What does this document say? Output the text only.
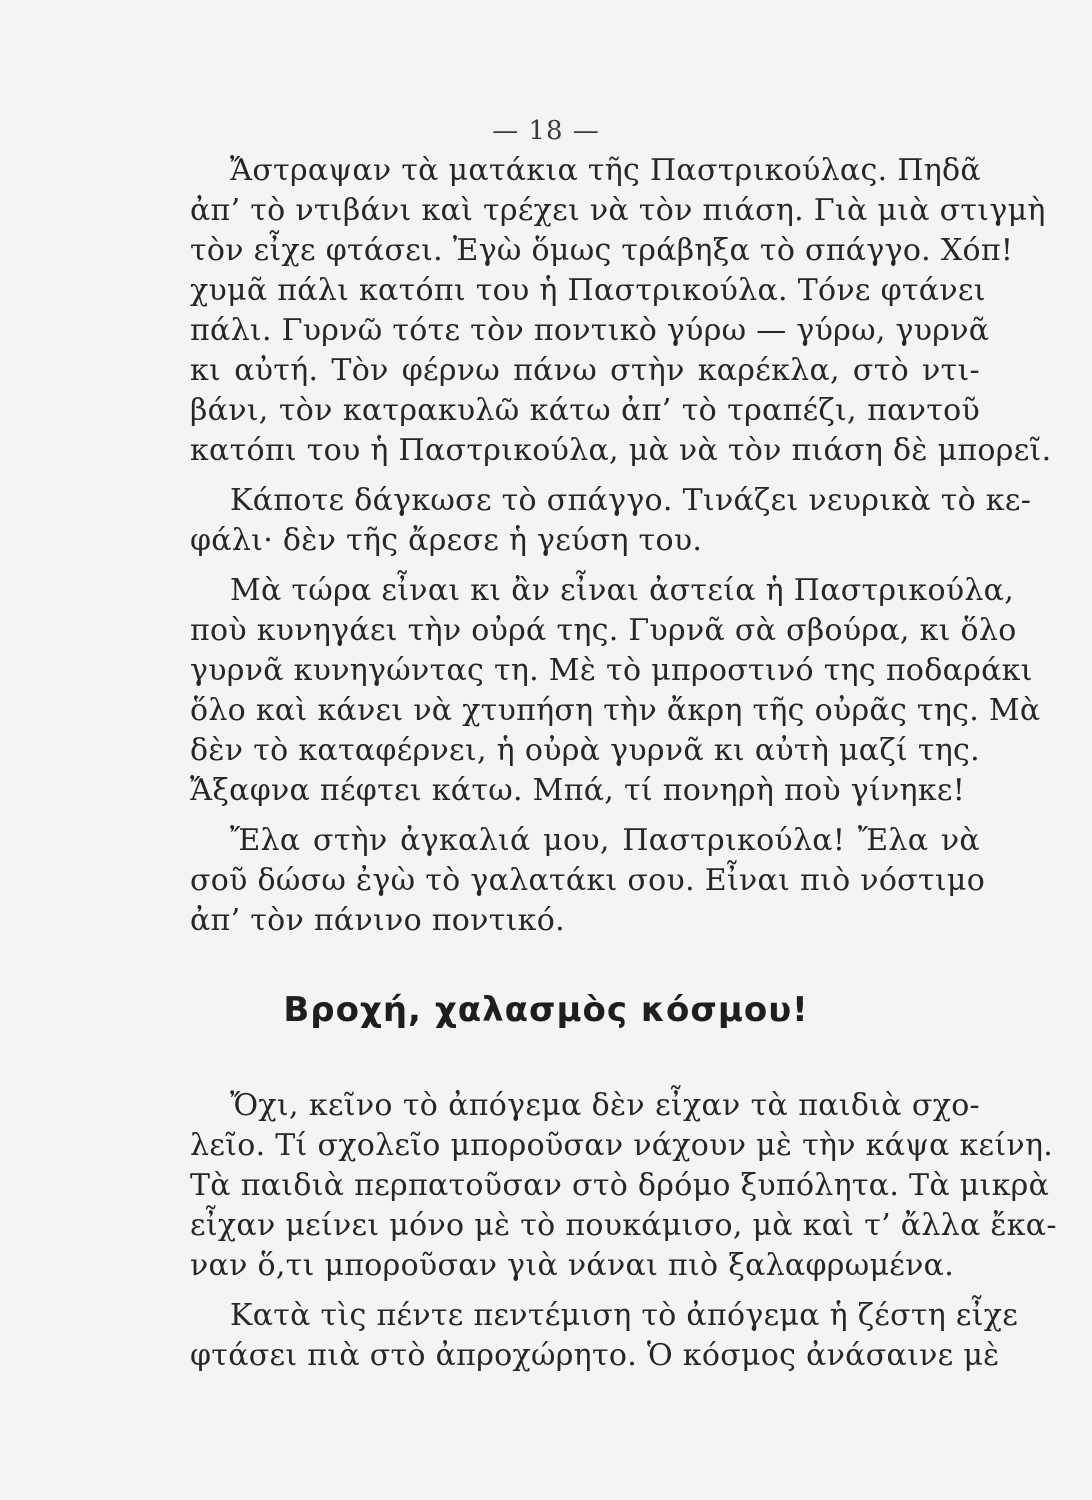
— 18 —
Ἄστραψαν τὰ ματάκια τῆς Παστρικούλας. Πηδᾶ
ἀπ’ τὸ ντιβάνι καὶ τρέχει νὰ τὸν πιάση. Γιὰ μιὰ στιγμὴ
τὸν εἶχε φτάσει. Ἐγὼ ὅμως τράβηξα τὸ σπάγγο. Χόπ!
χυμᾶ πάλι κατόπι του ἡ Παστρικούλα. Τόνε φτάνει
πάλι. Γυρνῶ τότε τὸν ποντικὸ γύρω — γύρω, γυρνᾶ
κι αὐτή. Τὸν φέρνω πάνω στὴν καρέκλα, στὸ ντι-
βάνι, τὸν κατρακυλῶ κάτω ἀπ’ τὸ τραπέζι, παντοῦ
κατόπι του ἡ Παστρικούλα, μὰ νὰ τὸν πιάση δὲ μπορεῖ.
Κάποτε δάγκωσε τὸ σπάγγο. Τινάζει νευρικὰ τὸ κε-
φάλι· δὲν τῆς ἄρεσε ἡ γεύση του.
Μὰ τώρα εἶναι κι ἂν εἶναι ἀστεία ἡ Παστρικούλα,
ποὺ κυνηγάει τὴν οὐρά της. Γυρνᾶ σὰ σβούρα, κι ὅλο
γυρνᾶ κυνηγώντας τη. Μὲ τὸ μπροστινό της ποδαράκι
ὅλο καὶ κάνει νὰ χτυπήση τὴν ἄκρη τῆς οὐρᾶς της. Μὰ
δὲν τὸ καταφέρνει, ἡ οὐρὰ γυρνᾶ κι αὐτὴ μαζί της.
Ἄξαφνα πέφτει κάτω. Μπά, τί πονηρὴ ποὺ γίνηκε!
Ἔλα στὴν ἀγκαλιά μου, Παστρικούλα! Ἔλα νὰ
σοῦ δώσω ἐγὼ τὸ γαλατάκι σου. Εἶναι πιὸ νόστιμο
ἀπ’ τὸν πάνινο ποντικό.
Βροχή, χαλασμὸς κόσμου!
Ὄχι, κεῖνο τὸ ἀπόγεμα δὲν εἶχαν τὰ παιδιὰ σχο-
λεῖο. Τί σχολεῖο μποροῦσαν νάχουν μὲ τὴν κάψα κείνη.
Τὰ παιδιὰ περπατοῦσαν στὸ δρόμο ξυπόλητα. Τὰ μικρὰ
εἶχαν μείνει μόνο μὲ τὸ πουκάμισο, μὰ καὶ τ’ ἄλλα ἔκα-
ναν ὅ,τι μποροῦσαν γιὰ νάναι πιὸ ξαλαφρωμένα.
Κατὰ τὶς πέντε πεντέμιση τὸ ἀπόγεμα ἡ ζέστη εἶχε
φτάσει πιὰ στὸ ἀπροχώρητο. Ὁ κόσμος ἀνάσαινε μὲ
